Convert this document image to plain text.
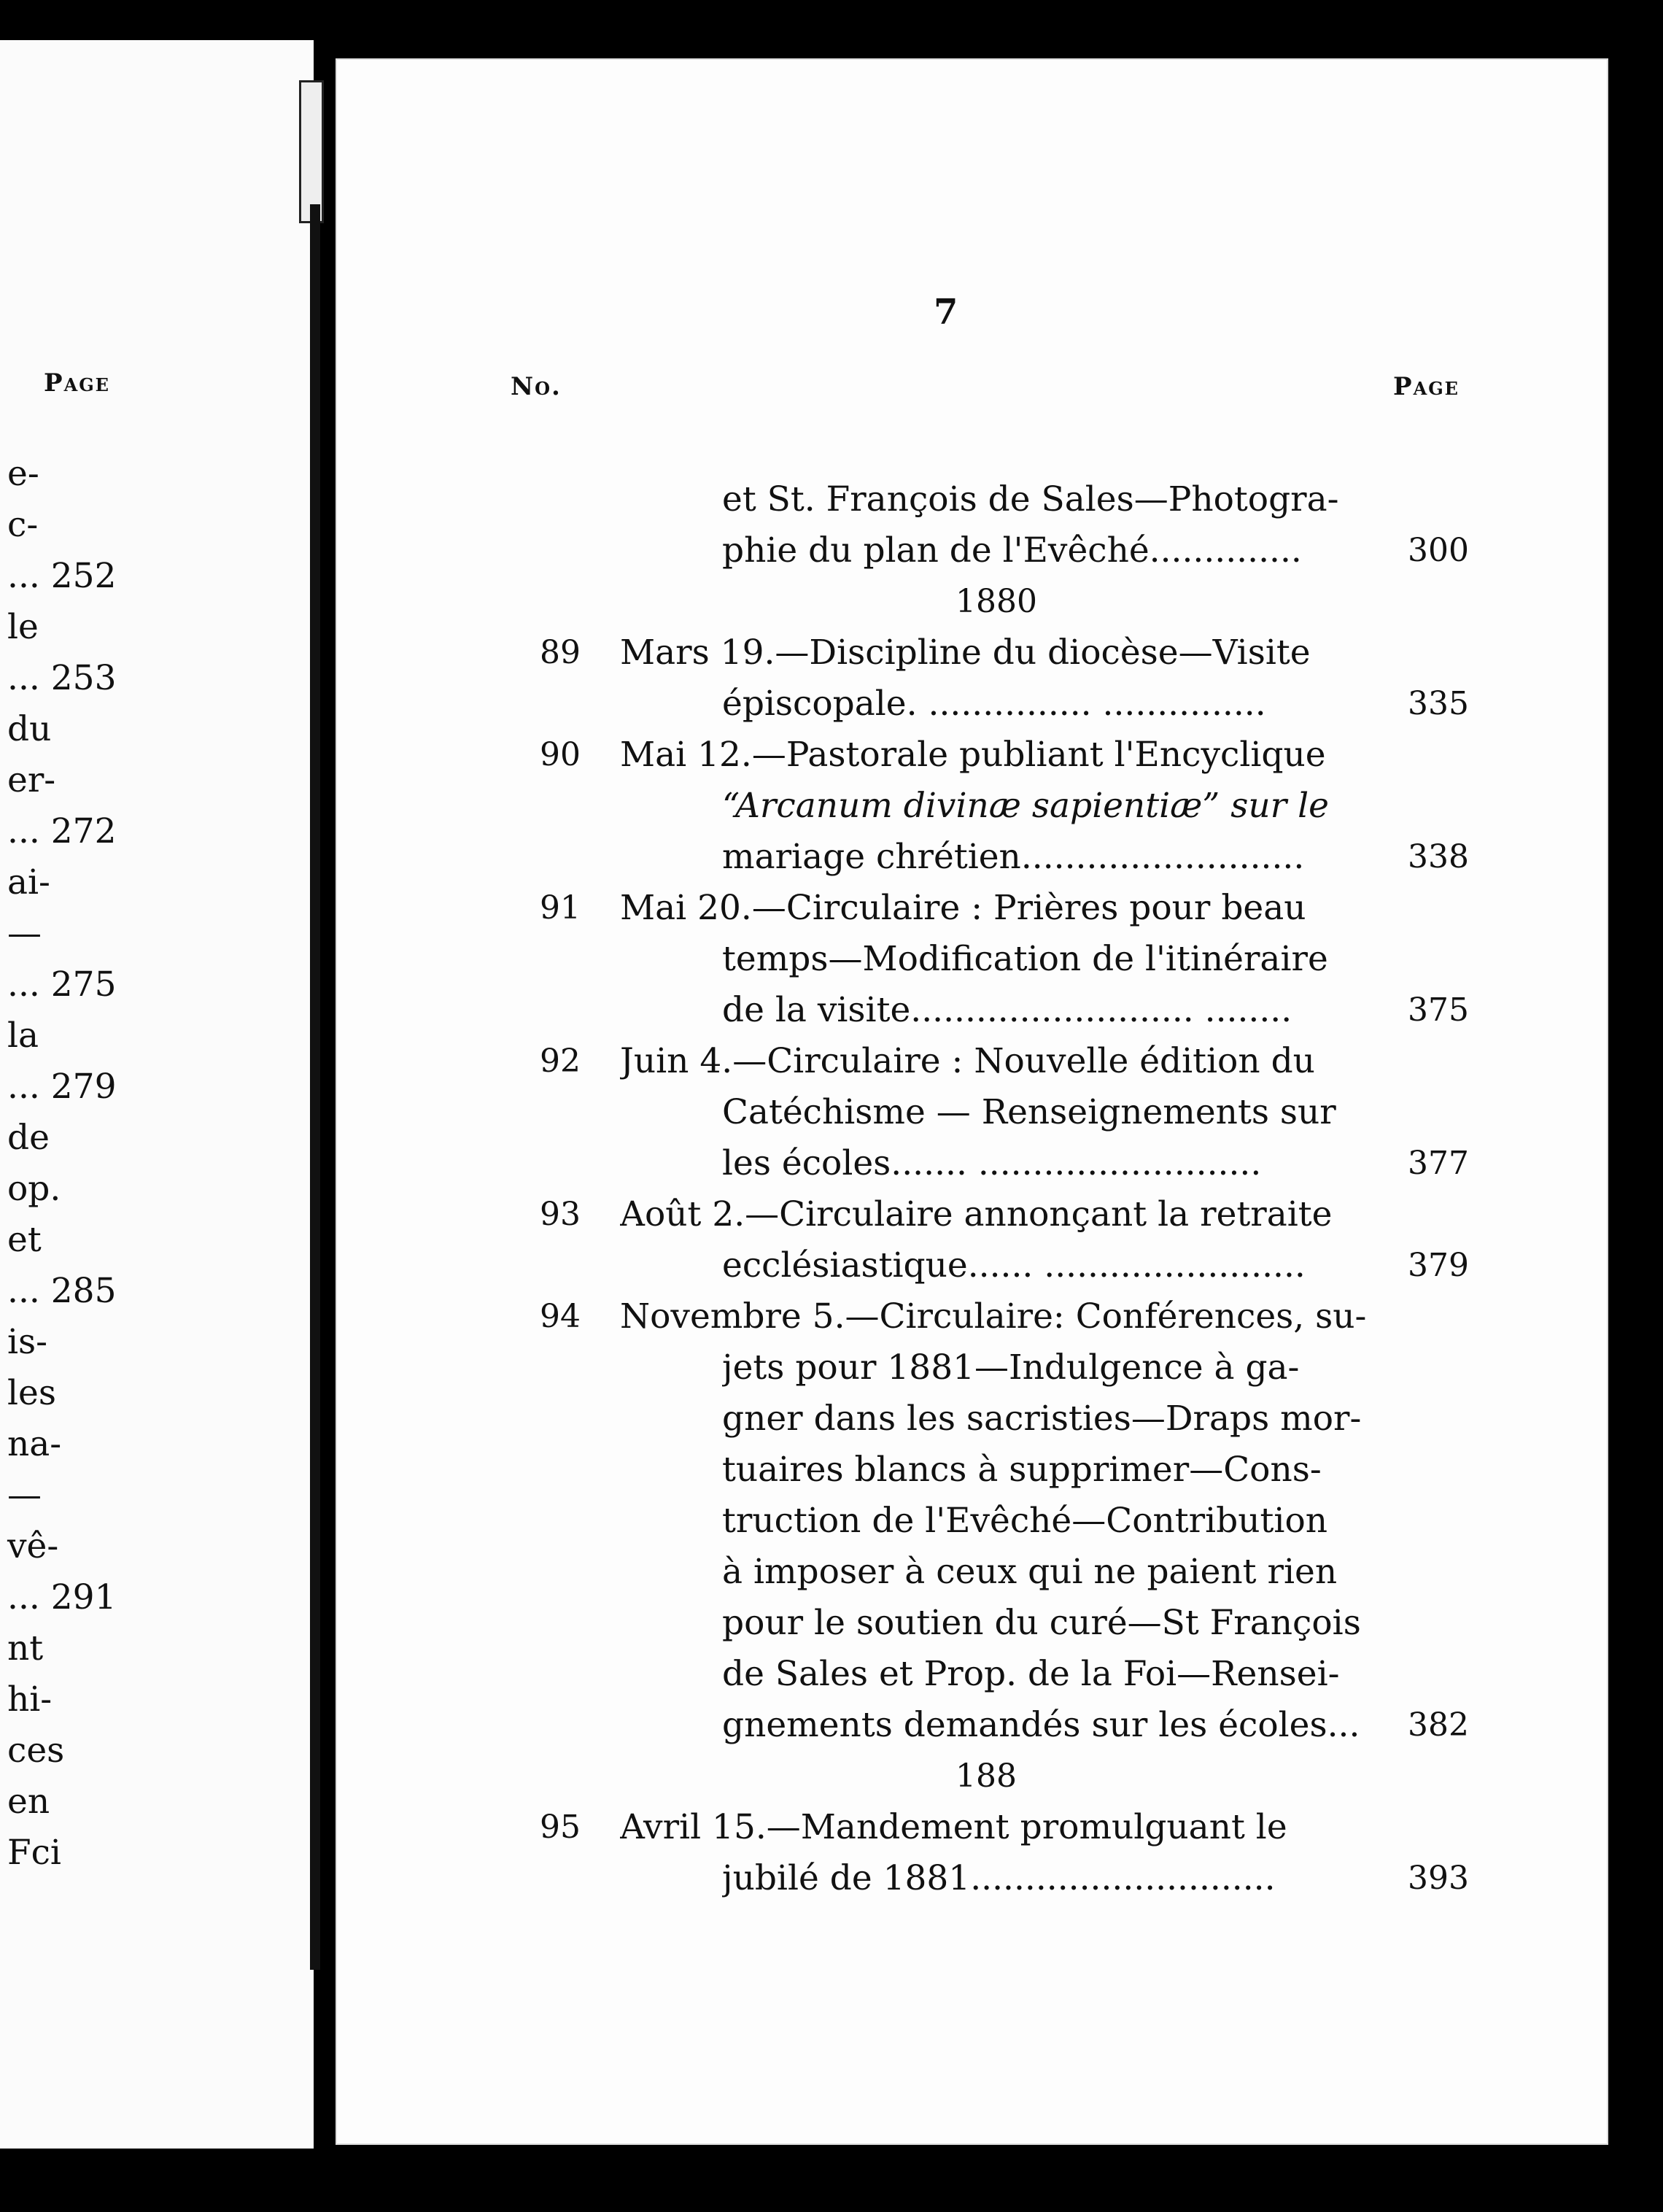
Page
e-
c-
... 252
le
... 253
du
er-
... 272
ai-
—
... 275
la
... 279
de
op.
et
... 285
is-
les
na-
—
vê-
... 291
nt
hi-
ces
en
Fci
7
No.	Page
et St. François de Sales—Photogra-
phie du plan de l'Evêché..............	300
1880
89 Mars 19.—Discipline du diocèse—Visite
épiscopale. ............... ...............	335
90 Mai 12.—Pastorale publiant l'Encyclique
“Arcanum divinæ sapientiæ” sur le
mariage chrétien..........................	338
91 Mai 20.—Circulaire : Prières pour beau
temps—Modification de l'itinéraire
de la visite.......................... ........	375
92 Juin 4.—Circulaire : Nouvelle édition du
Catéchisme — Renseignements sur
les écoles....... ..........................	377
93 Août 2.—Circulaire annonçant la retraite
ecclésiastique...... ........................	379
94 Novembre 5.—Circulaire: Conférences, su-
jets pour 1881—Indulgence à ga-
gner dans les sacristies—Draps mor-
tuaires blancs à supprimer—Cons-
truction de l'Evêché—Contribution
à imposer à ceux qui ne paient rien
pour le soutien du curé—St François
de Sales et Prop. de la Foi—Rensei-
gnements demandés sur les écoles...	382
188
95 Avril 15.—Mandement promulguant le
jubilé de 1881............................	393
